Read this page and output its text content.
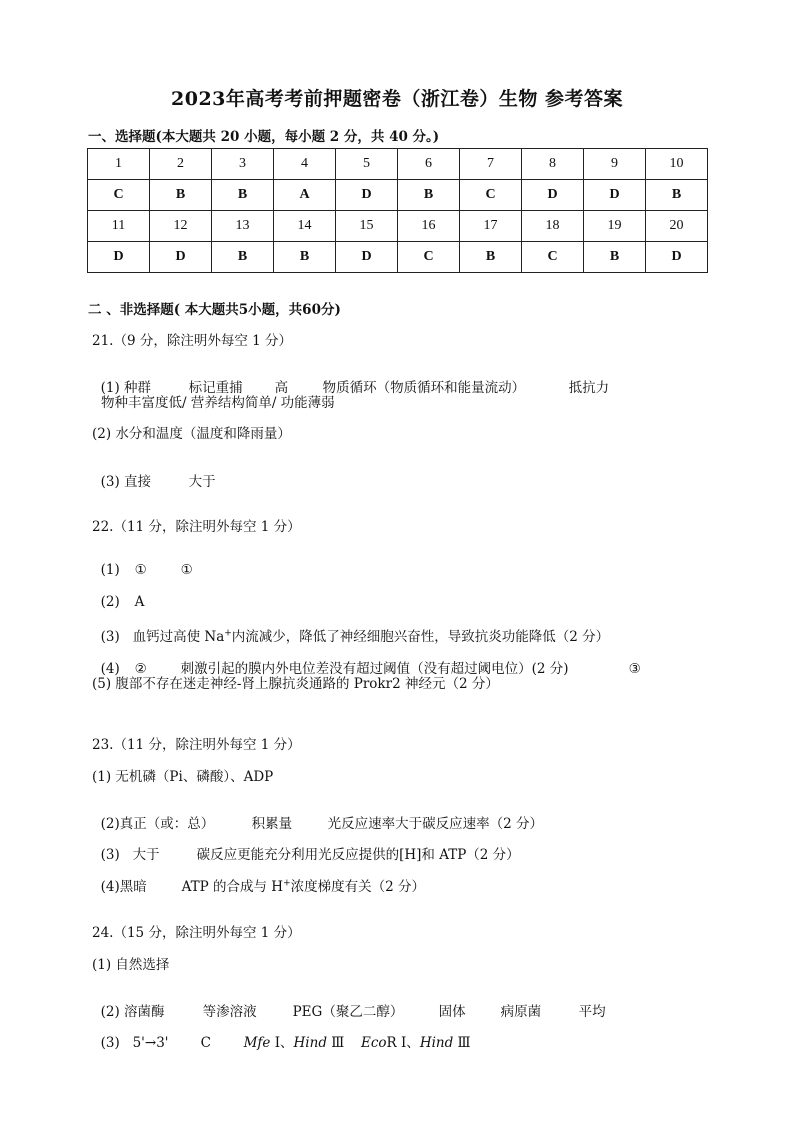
2023年高考考前押题密卷（浙江卷）生物 参考答案
一、选择题(本大题共 20 小题，每小题 2 分，共 40 分。)
1	2	3	4	5	6	7	8	9	10
C	B	B	A	D	B	C	D	D	B
11	12	13	14	15	16	17	18	19	20
D	D	B	B	D	C	B	C	B	D
二 、非选择题( 本大题共5小题，共60分)
21.（9 分，除注明外每空 1 分）

(1) 种群	标记重捕 高	物质循环（物质循环和能量流动）	抵抗力

物种丰富度低/ 营养结构简单/ 功能薄弱
(2) 水分和温度（温度和降雨量）

(3) 直接	大于

22.（11 分，除注明外每空 1 分）

(1) ①	①

(2) A

(3) 血钙过高使 Na+内流减少，降低了神经细胞兴奋性，导致抗炎功能降低（2 分）

(4) ②	刺激引起的膜内外电位差没有超过阈值（没有超过阈电位）(2 分)	③

(5) 腹部不存在迷走神经-肾上腺抗炎通路的 Prokr2 神经元（2 分）
23.（11 分，除注明外每空 1 分）
(1) 无机磷（Pi、磷酸）、ADP

(2)真正（或：总）	积累量	光反应速率大于碳反应速率（2 分）

(3) 大于	碳反应更能充分利用光反应提供的[H]和 ATP（2 分）

(4)黑暗	ATP 的合成与 H+浓度梯度有关（2 分）

24.（15 分，除注明外每空 1 分）
(1) 自然选择

(2) 溶菌酶	等渗溶液	PEG（聚乙二醇）	固体	病原菌	平均

(3) 5'→3' C Mfe Ⅰ、Hind Ⅲ EcoR Ⅰ、Hind Ⅲ
